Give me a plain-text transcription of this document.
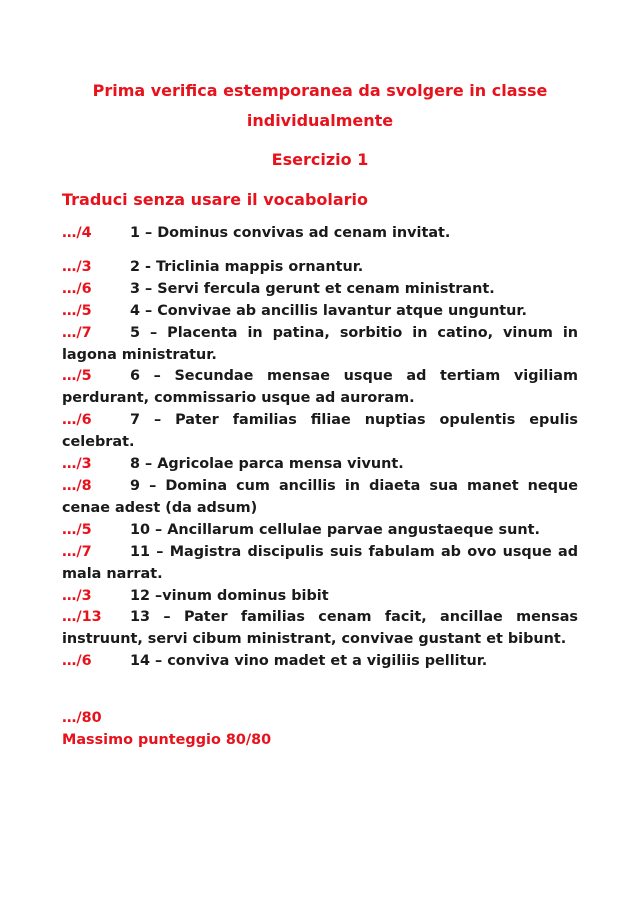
Prima verifica estemporanea da svolgere in classe
individualmente
Esercizio 1
Traduci senza usare il vocabolario

…/4	1 – Dominus convivas ad cenam invitat.

…/3	2 - Triclinia mappis ornantur.

…/6	3 – Servi fercula gerunt et cenam ministrant.

…/5	4 – Convivae ab ancillis lavantur atque unguntur.

…/7	5 – Placenta in patina, sorbitio in catino, vinum in lagona ministratur.

…/5	6 – Secundae mensae usque ad tertiam vigiliam perdurant, commissario usque ad auroram.

…/6	7 – Pater familias filiae nuptias opulentis epulis celebrat.

…/3	8 – Agricolae parca mensa vivunt.

…/8	9 – Domina cum ancillis in diaeta sua manet neque cenae adest (da adsum)

…/5	10 – Ancillarum cellulae parvae angustaeque sunt.

…/7	11 – Magistra discipulis suis fabulam ab ovo usque ad mala narrat.

…/3	12 –vinum dominus bibit

…/13 13 – Pater familias cenam facit, ancillae mensas instruunt, servi cibum ministrant, convivae gustant et bibunt.

…/6	14 – conviva vino madet et a vigiliis pellitur.

…/80
Massimo punteggio 80/80
